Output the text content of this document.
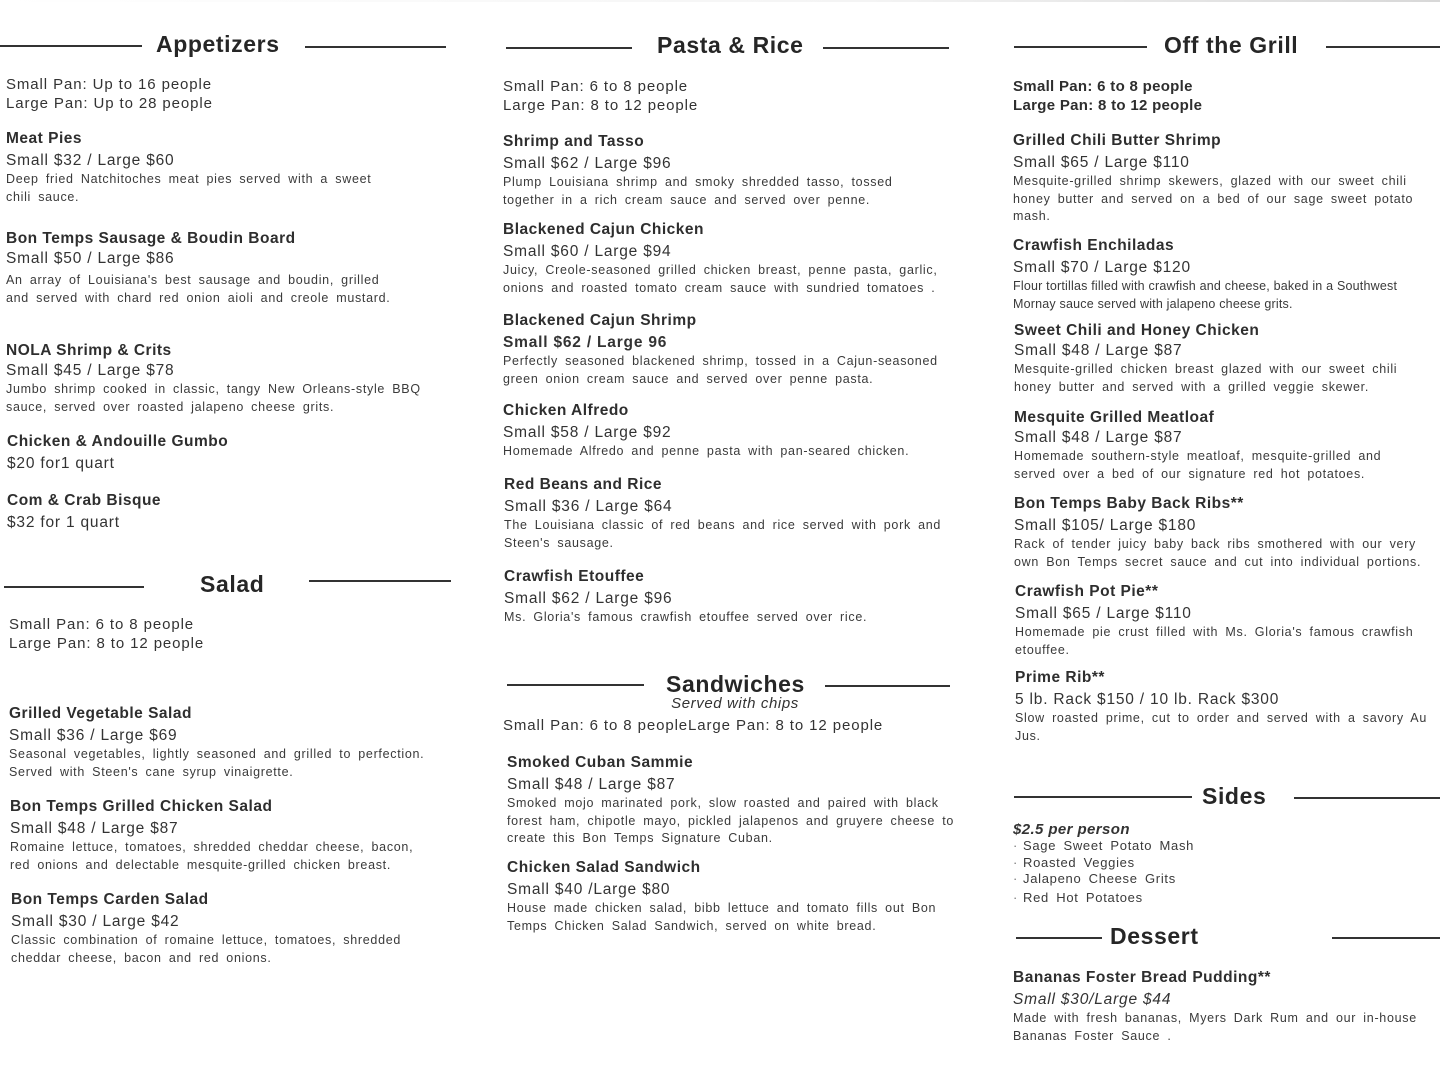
Appetizers
Small Pan: Up to 16 people
Large Pan: Up to 28 people
Meat Pies
Small $32 / Large $60
Deep fried Natchitoches meat pies served with a sweet chili sauce.
Bon Temps Sausage & Boudin Board
Small $50 / Large $86
An array of Louisiana's best sausage and boudin, grilled and served with chard red onion aioli and creole mustard.
NOLA Shrimp & Crits
Small $45 / Large $78
Jumbo shrimp cooked in classic, tangy New Orleans-style BBQ sauce, served over roasted jalapeno cheese grits.
Chicken & Andouille Gumbo
$20 for1 quart
Com & Crab Bisque
$32 for 1 quart
Salad
Small Pan: 6 to 8 people
Large Pan: 8 to 12 people
Grilled Vegetable Salad
Small $36 / Large $69
Seasonal vegetables, lightly seasoned and grilled to perfection. Served with Steen's cane syrup vinaigrette.
Bon Temps Grilled Chicken Salad
Small $48 / Large $87
Romaine lettuce, tomatoes, shredded cheddar cheese, bacon, red onions and delectable mesquite-grilled chicken breast.
Bon Temps Carden Salad
Small $30 / Large $42
Classic combination of romaine lettuce, tomatoes, shredded cheddar cheese, bacon and red onions.
Pasta & Rice
Small Pan: 6 to 8 people
Large Pan: 8 to 12 people
Shrimp and Tasso
Small $62 / Large $96
Plump Louisiana shrimp and smoky shredded tasso, tossed together in a rich cream sauce and served over penne.
Blackened Cajun Chicken
Small $60 / Large $94
Juicy, Creole-seasoned grilled chicken breast, penne pasta, garlic, onions and roasted tomato cream sauce with sundried tomatoes .
Blackened Cajun Shrimp
Small $62 / Large 96
Perfectly seasoned blackened shrimp, tossed in a Cajun-seasoned green onion cream sauce and served over penne pasta.
Chicken Alfredo
Small $58 / Large $92
Homemade Alfredo and penne pasta with pan-seared chicken.
Red Beans and Rice
Small $36 / Large $64
The Louisiana classic of red beans and rice served with pork and Steen's sausage.
Crawfish Etouffee
Small $62 / Large $96
Ms. Gloria's famous crawfish etouffee served over rice.
Sandwiches
Served with chips
Small Pan: 6 to 8 peopleLarge Pan: 8 to 12 people
Smoked Cuban Sammie
Small $48 / Large $87
Smoked mojo marinated pork, slow roasted and paired with black forest ham, chipotle mayo, pickled jalapenos and gruyere cheese to create this Bon Temps Signature Cuban.
Chicken Salad Sandwich
Small $40 /Large $80
House made chicken salad, bibb lettuce and tomato fills out Bon Temps Chicken Salad Sandwich, served on white bread.
Off the Grill
Small Pan: 6 to 8 people
Large Pan: 8 to 12 people
Grilled Chili Butter Shrimp
Small $65 / Large $110
Mesquite-grilled shrimp skewers, glazed with our sweet chili honey butter and served on a bed of our sage sweet potato mash.
Crawfish Enchiladas
Small $70 / Large $120
Flour tortillas filled with crawfish and cheese, baked in a Southwest Mornay sauce served with jalapeno cheese grits.
Sweet Chili and Honey Chicken
Small $48 / Large $87
Mesquite-grilled chicken breast glazed with our sweet chili honey butter and served with a grilled veggie skewer.
Mesquite Grilled Meatloaf
Small $48 / Large $87
Homemade southern-style meatloaf, mesquite-grilled and served over a bed of our signature red hot potatoes.
Bon Temps Baby Back Ribs**
Small $105/ Large $180
Rack of tender juicy baby back ribs smothered with our very own Bon Temps secret sauce and cut into individual portions.
Crawfish Pot Pie**
Small $65 / Large $110
Homemade pie crust filled with Ms. Gloria's famous crawfish etouffee.
Prime Rib**
5 lb. Rack $150 / 10 lb. Rack $300
Slow roasted prime, cut to order and served with a savory Au Jus.
Sides
$2.5 per person
· Sage Sweet Potato Mash
· Roasted Veggies
· Jalapeno Cheese Grits
· Red Hot Potatoes
Dessert
Bananas Foster Bread Pudding**
Small $30/Large $44
Made with fresh bananas, Myers Dark Rum and our in-house Bananas Foster Sauce .
